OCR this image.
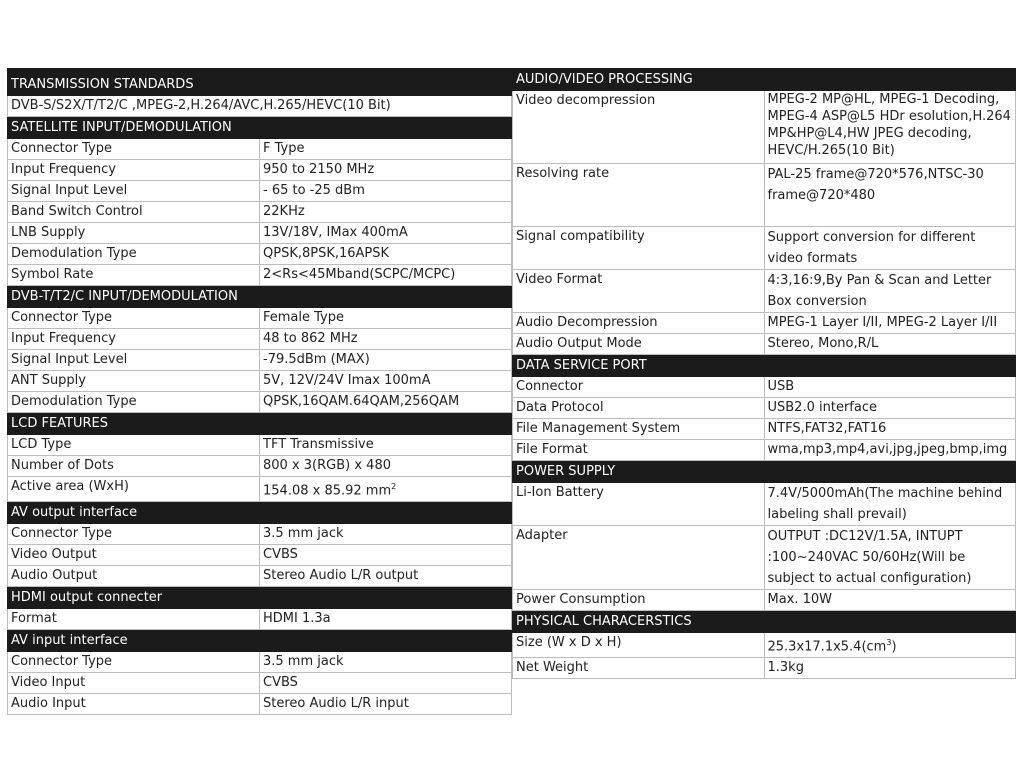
TRANSMISSION STANDARDS	
DVB-S/S2X/T/T2/C ,MPEG-2,H.264/AVC,H.265/HEVC(10 Bit)	
SATELLITE INPUT/DEMODULATION	
Connector Type	F Type
Input Frequency	950 to 2150 MHz
Signal Input Level	- 65 to -25 dBm
Band Switch Control	22KHz
LNB Supply	13V/18V, IMax 400mA
Demodulation Type	QPSK,8PSK,16APSK
Symbol Rate	2<Rs<45Mband(SCPC/MCPC)
DVB-T/T2/C INPUT/DEMODULATION	
Connector Type	Female Type
Input Frequency	48 to 862 MHz
Signal Input Level	-79.5dBm (MAX)
ANT Supply	5V, 12V/24V Imax 100mA
Demodulation Type	QPSK,16QAM.64QAM,256QAM
LCD FEATURES	
LCD Type	TFT Transmissive
Number of Dots	800 x 3(RGB) x 480
Active area (WxH)	154.08 x 85.92 $mm^2$
AV output interface	
Connector Type	3.5 mm jack
Video Output	CVBS
Audio Output	Stereo Audio L/R output
HDMI output connecter	
Format	HDMI 1.3a
AV input interface	
Connector Type	3.5 mm jack
Video Input	CVBS
Audio Input	Stereo Audio L/R input
AUDIO/VIDEO PROCESSING	
Video decompression	MPEG-2 MP@HL, MPEG-1 Decoding, MPEG-4 ASP@L5 HDr esolution,H.264 MP&HP@L4,HW JPEG decoding, HEVC/H.265(10 Bit)
Resolving rate	PAL-25 frame@720*576,NTSC-30 frame@720*480
Signal compatibility	Support conversion for different video formats
Video Format	4:3,16:9,By Pan & Scan and Letter Box conversion
Audio Decompression	MPEG-1 Layer I/II, MPEG-2 Layer I/II
Audio Output Mode	Stereo, Mono,R/L
DATA SERVICE PORT	
Connector	USB
Data Protocol	USB2.0 interface
File Management System	NTFS,FAT32,FAT16
File Format	wma,mp3,mp4,avi,jpg,jpeg,bmp,img
POWER SUPPLY	
Li-Ion Battery	7.4V/5000mAh(The machine behind labeling shall prevail)
Adapter	OUTPUT :DC12V/1.5A, INTUPT :100~240VAC 50/60Hz(Will be subject to actual configuration)
Power Consumption	Max. 10W
PHYSICAL CHARACERSTICS	
Size (W x D x H)	$25.3x17.1x5.4(cm^3)$
Net Weight	1.3kg
